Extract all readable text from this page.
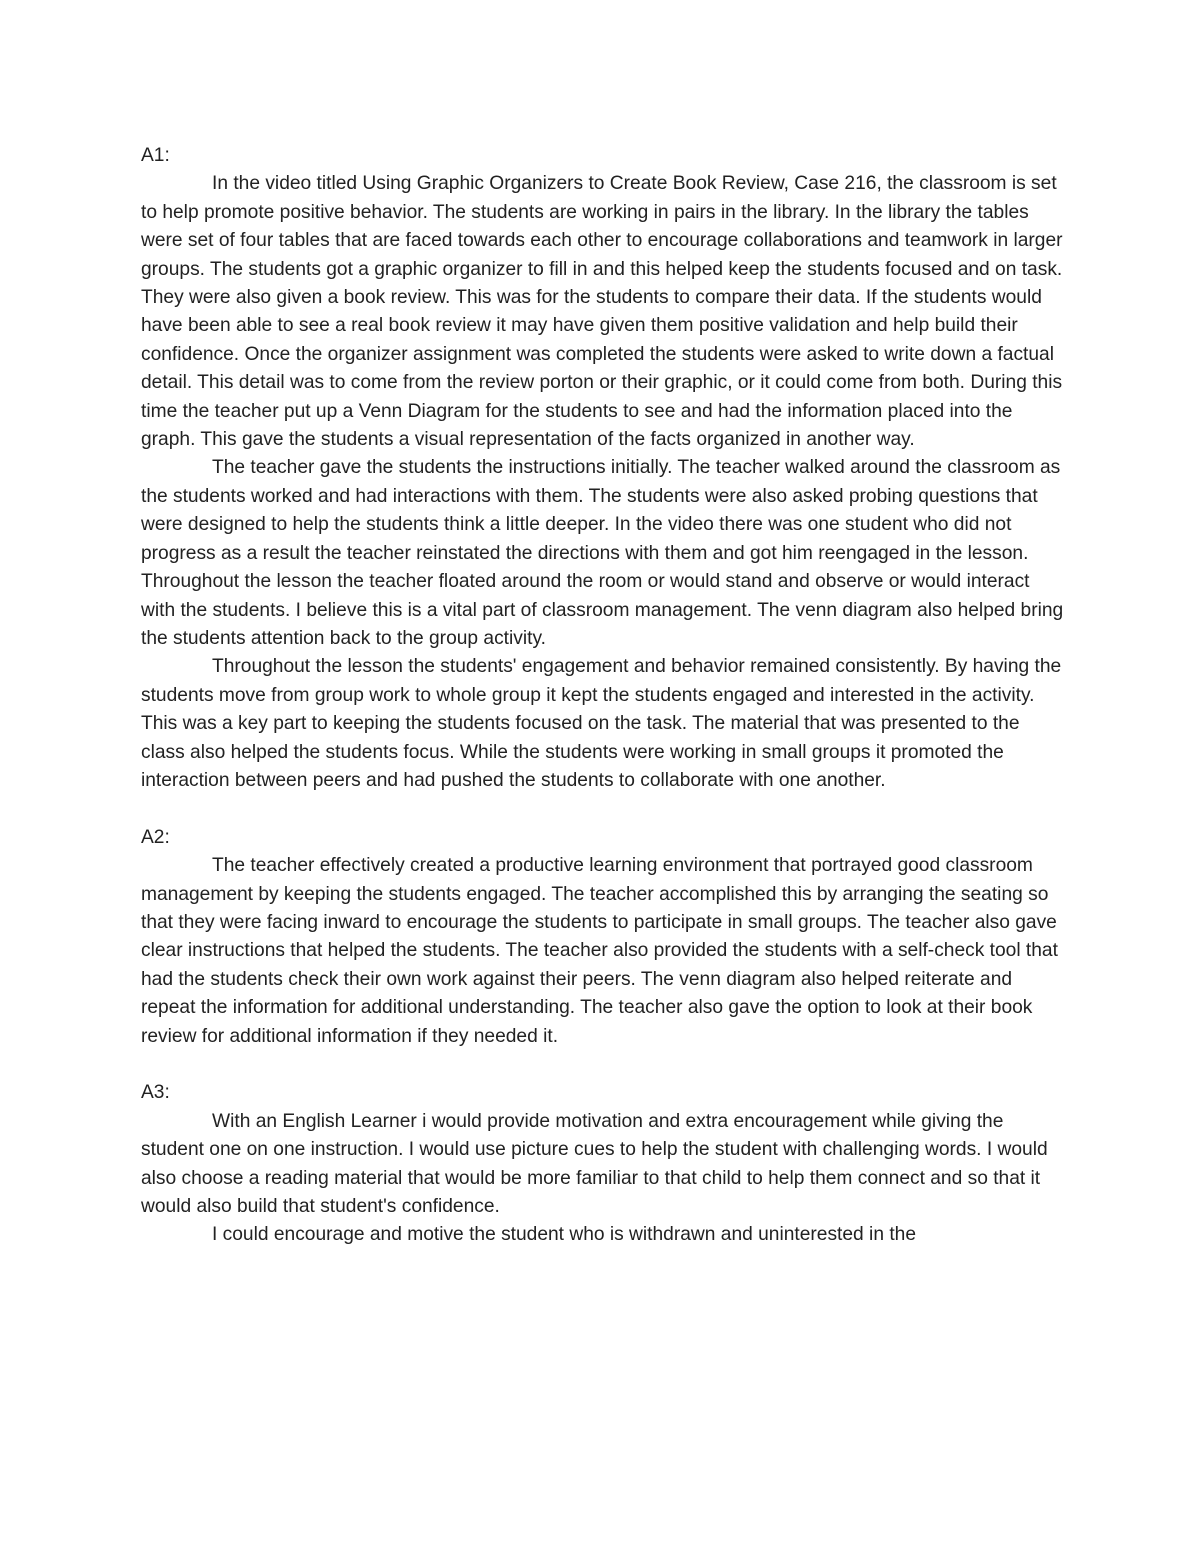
A1:

In the video titled Using Graphic Organizers to Create Book Review, Case 216, the classroom is set to help promote positive behavior. The students are working in pairs in the library. In the library the tables were set of four tables that are faced towards each other to encourage collaborations and teamwork in larger groups. The students got a graphic organizer to fill in and this helped keep the students focused and on task. They were also given a book review. This was for the students to compare their data. If the students would have been able to see a real book review it may have given them positive validation and help build their confidence. Once the organizer assignment was completed the students were asked to write down a factual detail. This detail was to come from the review porton or their graphic, or it could come from both. During this time the teacher put up a Venn Diagram for the students to see and had the information placed into the graph. This gave the students a visual representation of the facts organized in another way.

The teacher gave the students the instructions initially. The teacher walked around the classroom as the students worked and had interactions with them. The students were also asked probing questions that were designed to help the students think a little deeper. In the video there was one student who did not progress as a result the teacher reinstated the directions with them and got him reengaged in the lesson. Throughout the lesson the teacher floated around the room or would stand and observe or would interact with the students. I believe this is a vital part of classroom management. The venn diagram also helped bring the students attention back to the group activity.

Throughout the lesson the students' engagement and behavior remained consistently. By having the students move from group work to whole group it kept the students engaged and interested in the activity. This was a key part to keeping the students focused on the task. The material that was presented to the class also helped the students focus. While the students were working in small groups it promoted the interaction between peers and had pushed the students to collaborate with one another.

A2:

The teacher effectively created a productive learning environment that portrayed good classroom management by keeping the students engaged. The teacher accomplished this by arranging the seating so that they were facing inward to encourage the students to participate in small groups. The teacher also gave clear instructions that helped the students. The teacher also provided the students with a self-check tool that had the students check their own work against their peers. The venn diagram also helped reiterate and repeat the information for additional understanding. The teacher also gave the option to look at their book review for additional information if they needed it.

A3:

With an English Learner i would provide motivation and extra encouragement while giving the student one on one instruction. I would use picture cues to help the student with challenging words. I would also choose a reading material that would be more familiar to that child to help them connect and so that it would also build that student's confidence.

I could encourage and motive the student who is withdrawn and uninterested in the
